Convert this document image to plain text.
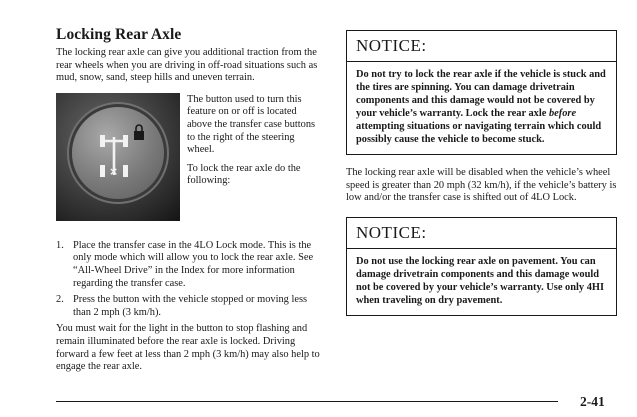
Locking Rear Axle

The locking rear axle can give you additional traction from the rear wheels when you are driving in off-road situations such as mud, snow, sand, steep hills and uneven terrain.

×

The button used to turn this feature on or off is located above the transfer case buttons to the right of the steering wheel.

To lock the rear axle do the following:

1. Place the transfer case in the 4LO Lock mode. This is the only mode which will allow you to lock the rear axle. See “All-Wheel Drive” in the Index for more information regarding the transfer case.
2. Press the button with the vehicle stopped or moving less than 2 mph (3 km/h).

You must wait for the light in the button to stop flashing and remain illuminated before the rear axle is locked. Driving forward a few feet at less than 2 mph (3 km/h) may also help to engage the rear axle.

NOTICE:
Do not try to lock the rear axle if the vehicle is stuck and the tires are spinning. You can damage drivetrain components and this damage would not be covered by your vehicle’s warranty. Lock the rear axle before attempting situations or navigating terrain which could possibly cause the vehicle to become stuck.

The locking rear axle will be disabled when the vehicle’s wheel speed is greater than 20 mph (32 km/h), if the vehicle’s battery is low and/or the transfer case is shifted out of 4LO Lock.

NOTICE:
Do not use the locking rear axle on pavement. You can damage drivetrain components and this damage would not be covered by your vehicle’s warranty. Use only 4HI when traveling on dry pavement.
2-41
